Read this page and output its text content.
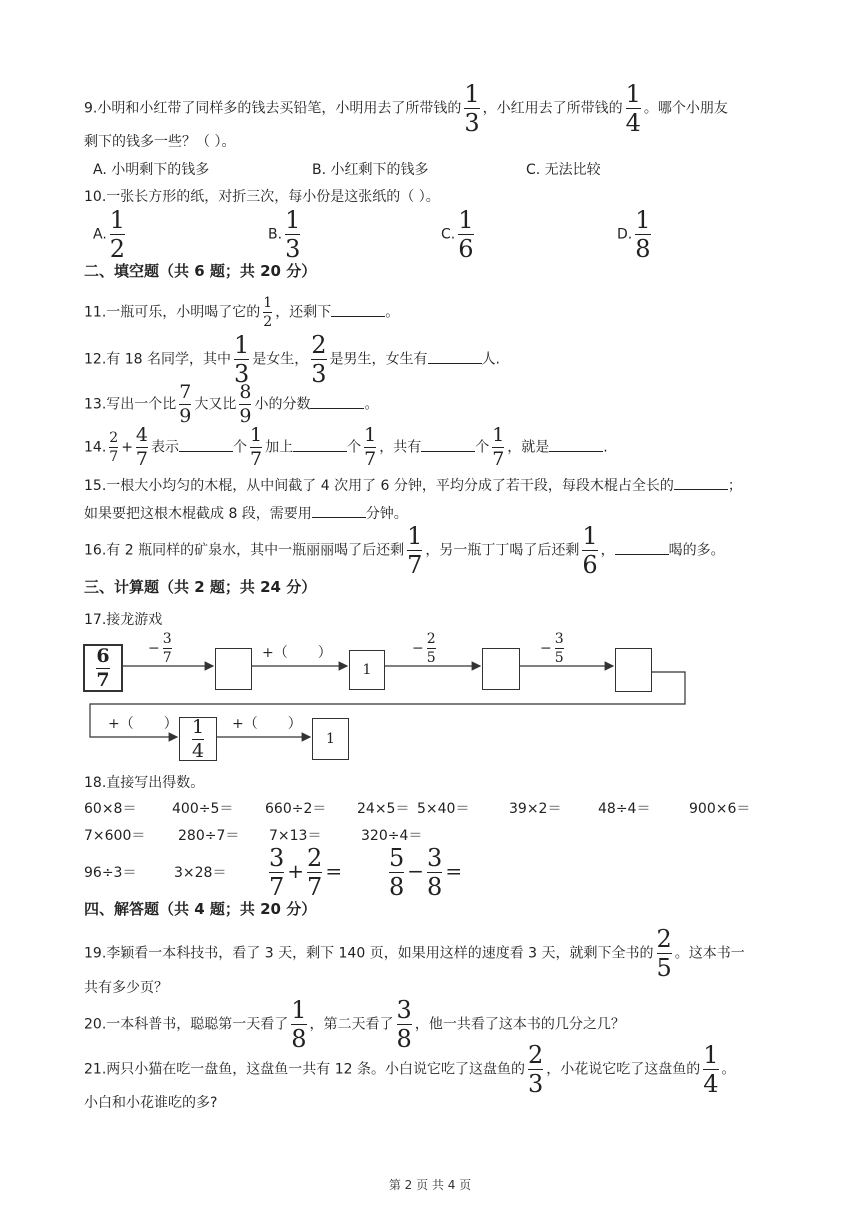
9.小明和小红带了同样多的钱去买铅笔，小明用去了所带钱的 $\frac{1}{3}$ ，小红用去了所带钱的 $\frac{1}{4}$ 。哪个小朋友
剩下的钱多一些？（ ）。
A. 小明剩下的钱多	B. 小红剩下的钱多	C. 无法比较
10.一张长方形的纸，对折三次，每小份是这张纸的（ ）。
A. $\frac{1}{2}$	B. $\frac{1}{3}$	C. $\frac{1}{6}$	D. $\frac{1}{8}$
二、填空题（共 6 题；共 20 分）
11.一瓶可乐，小明喝了它的 $\frac{1}{2}$ ，还剩下	。
12.有 18 名同学，其中 $\frac{1}{3}$ 是女生， $\frac{2}{3}$ 是男生，女生有	人.
13.写出一个比 $\frac{7}{9}$ 大又比 $\frac{8}{9}$ 小的分数	。
14. $\frac{2}{7} + \frac{4}{7}$ 表示	个 $\frac{1}{7}$ 加上	个 $\frac{1}{7}$ ，共有	个 $\frac{1}{7}$ ，就是	.
15.一根大小均匀的木棍，从中间截了 4 次用了 6 分钟，平均分成了若干段，每段木棍占全长的	；
如果要把这根木棍截成 8 段，需要用	分钟。
16.有 2 瓶同样的矿泉水，其中一瓶丽丽喝了后还剩 $\frac{1}{7}$ ，另一瓶丁丁喝了后还剩 $\frac{1}{6}$ ，	喝的多。
三、计算题（共 2 题；共 24 分）
17.接龙游戏
− $\frac{3}{7}$	+（ ）	− $\frac{2}{5}$	− $\frac{3}{5}$
+（ ）	+（ ）
$\frac{6}{7}$	1
$\frac{1}{4}$	1
18.直接写出得数。
60×8＝	400÷5＝ 660÷2＝ 24×5＝ 5×40＝	39×2＝	48÷4＝	900×6＝
7×600＝ 280÷7＝ 7×13＝	320÷4＝
96÷3＝	$3\times 28= \frac{3}{7} + \frac{2}{7} = \frac{5}{8} - \frac{3}{8}$ =
四、解答题（共 4 题；共 20 分）
19.李颖看一本科技书，看了 3 天，剩下 140 页，如果用这样的速度看 3 天，就剩下全书的 $\frac{2}{5}$ 。这本书一
共有多少页？
20.一本科普书，聪聪第一天看了 $\frac{1}{8}$ ，第二天看了 $\frac{3}{8}$ ，他一共看了这本书的几分之几？
21.两只小猫在吃一盘鱼，这盘鱼一共有 12 条。小白说它吃了这盘鱼的 $\frac{2}{3}$ ，小花说它吃了这盘鱼的 $\frac{1}{4}$ 。
小白和小花谁吃的多?
第 2 页 共 4 页
